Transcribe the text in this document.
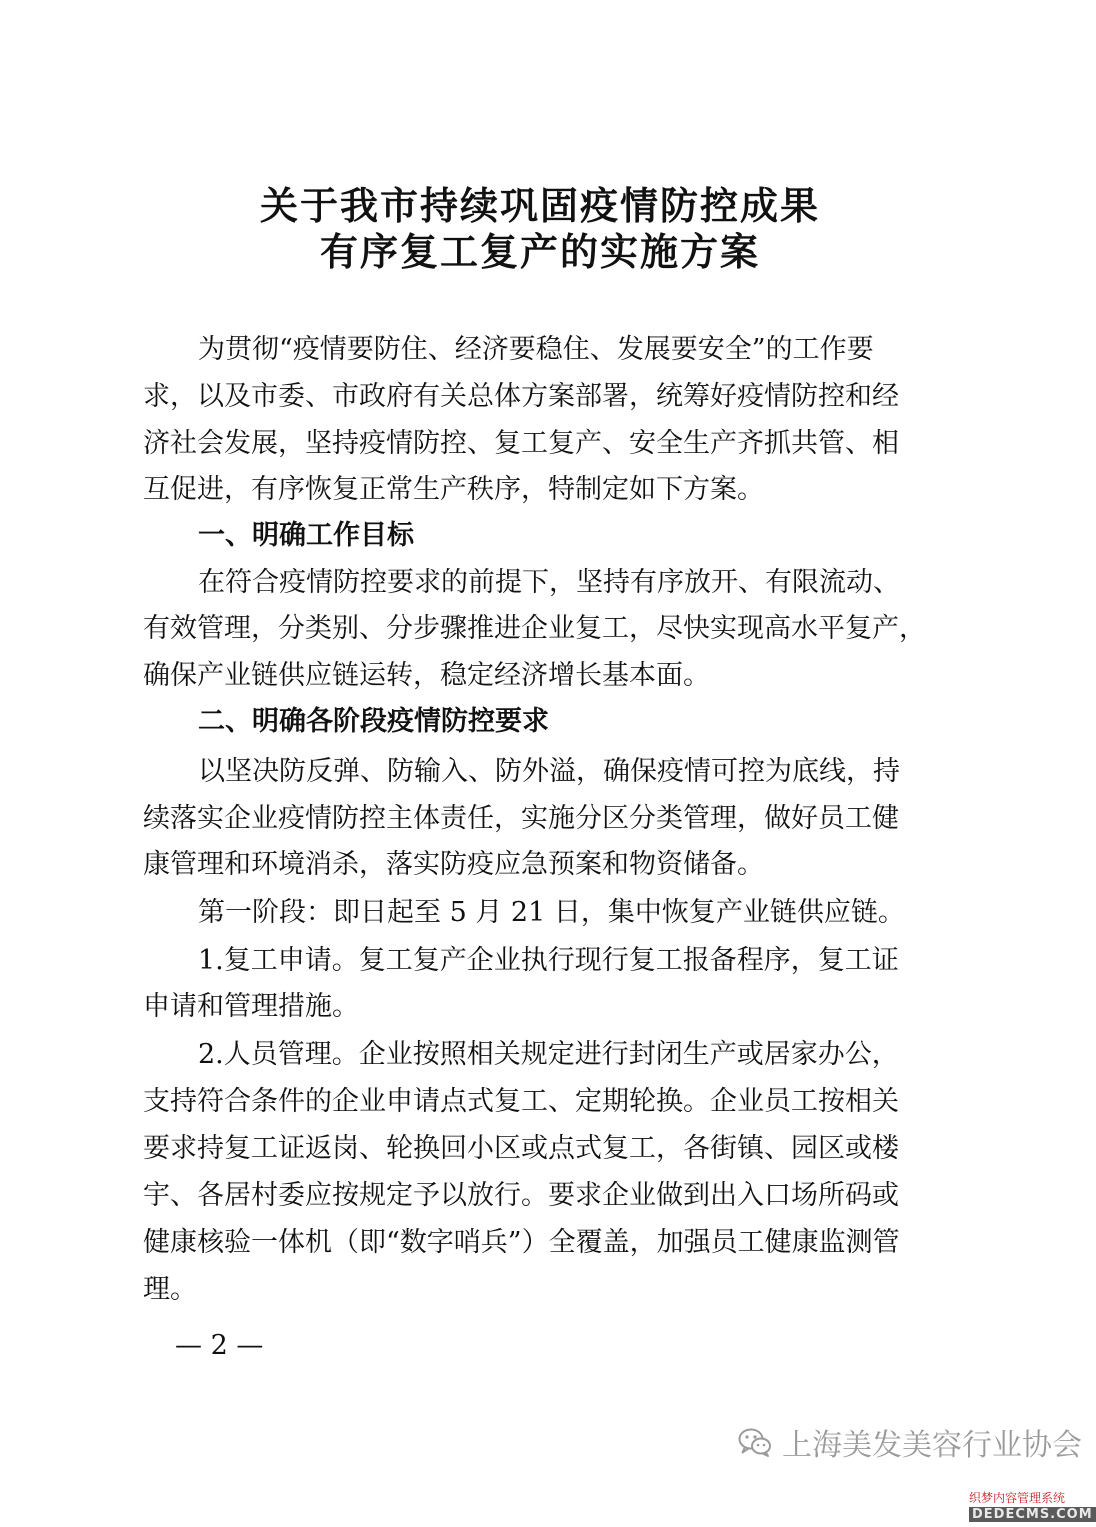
关于我市持续巩固疫情防控成果
有序复工复产的实施方案
为贯彻“疫情要防住、经济要稳住、发展要安全”的工作要
求，以及市委、市政府有关总体方案部署，统筹好疫情防控和经
济社会发展，坚持疫情防控、复工复产、安全生产齐抓共管、相
互促进，有序恢复正常生产秩序，特制定如下方案。
一、明确工作目标
在符合疫情防控要求的前提下，坚持有序放开、有限流动、
有效管理，分类别、分步骤推进企业复工，尽快实现高水平复产，
确保产业链供应链运转，稳定经济增长基本面。
二、明确各阶段疫情防控要求
以坚决防反弹、防输入、防外溢，确保疫情可控为底线，持
续落实企业疫情防控主体责任，实施分区分类管理，做好员工健
康管理和环境消杀，落实防疫应急预案和物资储备。
第一阶段：即日起至 5 月 21 日，集中恢复产业链供应链。
1.复工申请。复工复产企业执行现行复工报备程序，复工证
申请和管理措施。
2.人员管理。企业按照相关规定进行封闭生产或居家办公，
支持符合条件的企业申请点式复工、定期轮换。企业员工按相关
要求持复工证返岗、轮换回小区或点式复工，各街镇、园区或楼
宇、各居村委应按规定予以放行。要求企业做到出入口场所码或
健康核验一体机（即“数字哨兵”）全覆盖，加强员工健康监测管
理。
— 2 —
上海美发美容行业协会
织梦内容管理系统
DEDECMS.COM
